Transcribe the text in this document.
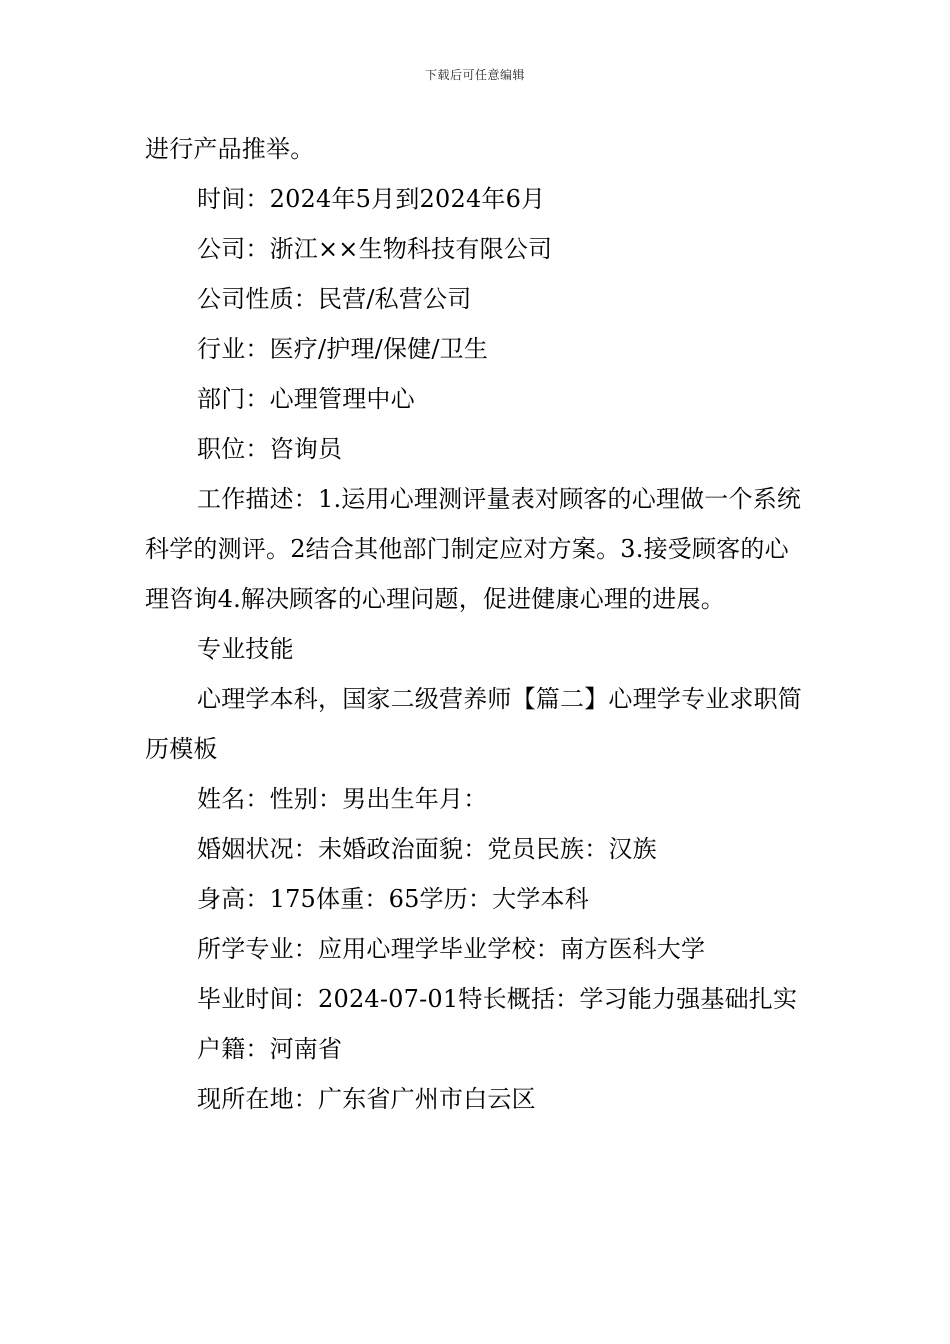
下载后可任意编辑

进行产品推举。

时间：2024年5月到2024年6月

公司：浙江××生物科技有限公司

公司性质：民营/私营公司

行业：医疗/护理/保健/卫生

部门：心理管理中心

职位：咨询员

工作描述：1.运用心理测评量表对顾客的心理做一个系统科学的测评。2结合其他部门制定应对方案。3.接受顾客的心理咨询4.解决顾客的心理问题，促进健康心理的进展。

专业技能

心理学本科，国家二级营养师【篇二】心理学专业求职简历模板

姓名：性别：男出生年月：

婚姻状况：未婚政治面貌：党员民族：汉族

身高：175体重：65学历：大学本科

所学专业：应用心理学毕业学校：南方医科大学

毕业时间：2024-07-01特长概括：学习能力强基础扎实

户籍：河南省

现所在地：广东省广州市白云区
